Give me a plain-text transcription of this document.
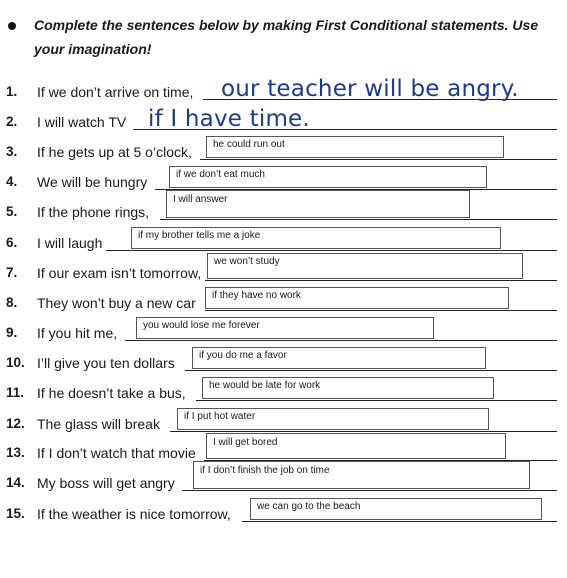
Complete the sentences below by making First Conditional statements. Use your imagination!
1. If we don’t arrive on time, our teacher will be angry.
2. I will watch TV if I have time.
3. If he gets up at 5 o’clock,	he could run out
4. We will be hungry	if we don’t eat much
5. If the phone rings,
I will answer
6. I will laugh	if my brother tells me a joke
7. If our exam isn’t tomorrow,
we won’t study
8. They won’t buy a new car	if they have no work
9. If you hit me,	you would lose me forever
10. I’ll give you ten dollars	if you do me a favor
11. If he doesn’t take a bus,	he would be late for work
12. The glass will break	if I put hot water
13. If I don’t watch that movie
I will get bored
14. My boss will get angry
if I don’t finish the job on time
15. If the weather is nice tomorrow,	we can go to the beach
